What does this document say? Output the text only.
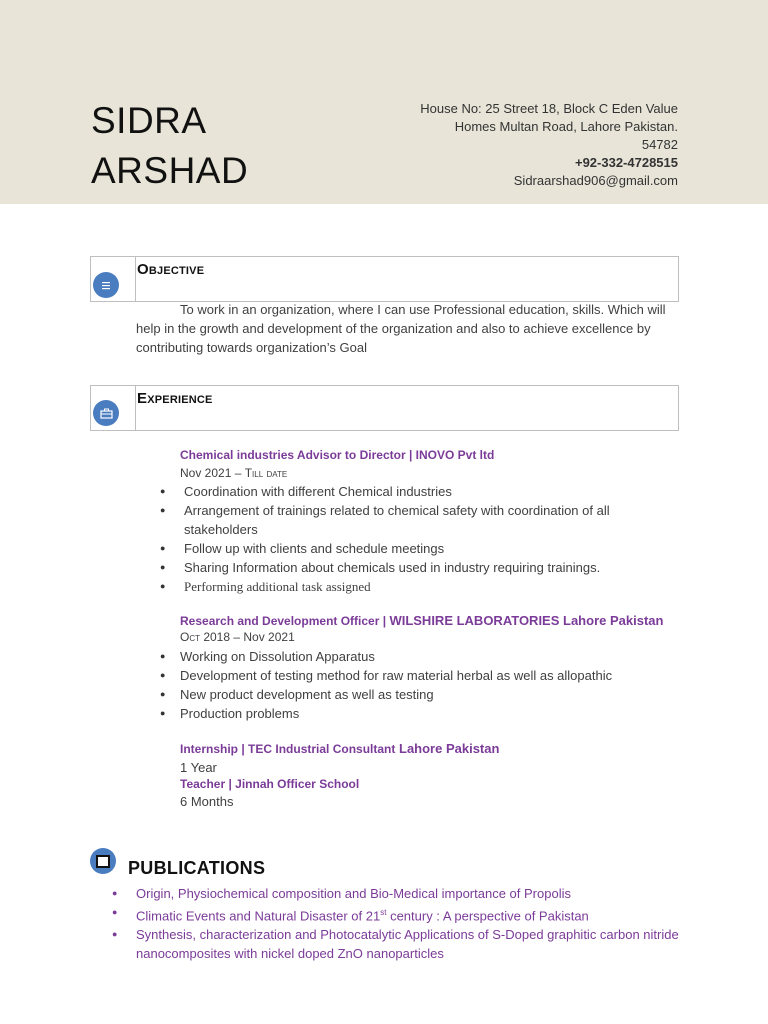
SIDRA
ARSHAD
House No: 25 Street 18, Block C Eden Value
Homes Multan Road, Lahore Pakistan.
54782
+92-332-4728515
Sidraarshad906@gmail.com
Objective
To work in an organization, where I can use Professional education, skills. Which will help in the growth and development of the organization and also to achieve excellence by contributing towards organization’s Goal
Experience
Chemical industries Advisor to Director | INOVO Pvt ltd
Nov 2021 – Till date
● Coordination with different Chemical industries
● Arrangement of trainings related to chemical safety with coordination of all stakeholders
● Follow up with clients and schedule meetings
● Sharing Information about chemicals used in industry requiring trainings.
● Performing additional task assigned
Research and Development Officer | WILSHIRE LABORATORIES Lahore Pakistan
Oct 2018 – Nov 2021
● Working on Dissolution Apparatus
● Development of testing method for raw material herbal as well as allopathic
● New product development as well as testing
● Production problems
Internship | TEC Industrial Consultant Lahore Pakistan
1 Year
Teacher | Jinnah Officer School
6 Months
PUBLICATIONS
● Origin, Physiochemical composition and Bio-Medical importance of Propolis
● Climatic Events and Natural Disaster of 21st century : A perspective of Pakistan
● Synthesis, characterization and Photocatalytic Applications of S-Doped graphitic carbon nitride nanocomposites with nickel doped ZnO nanoparticles
